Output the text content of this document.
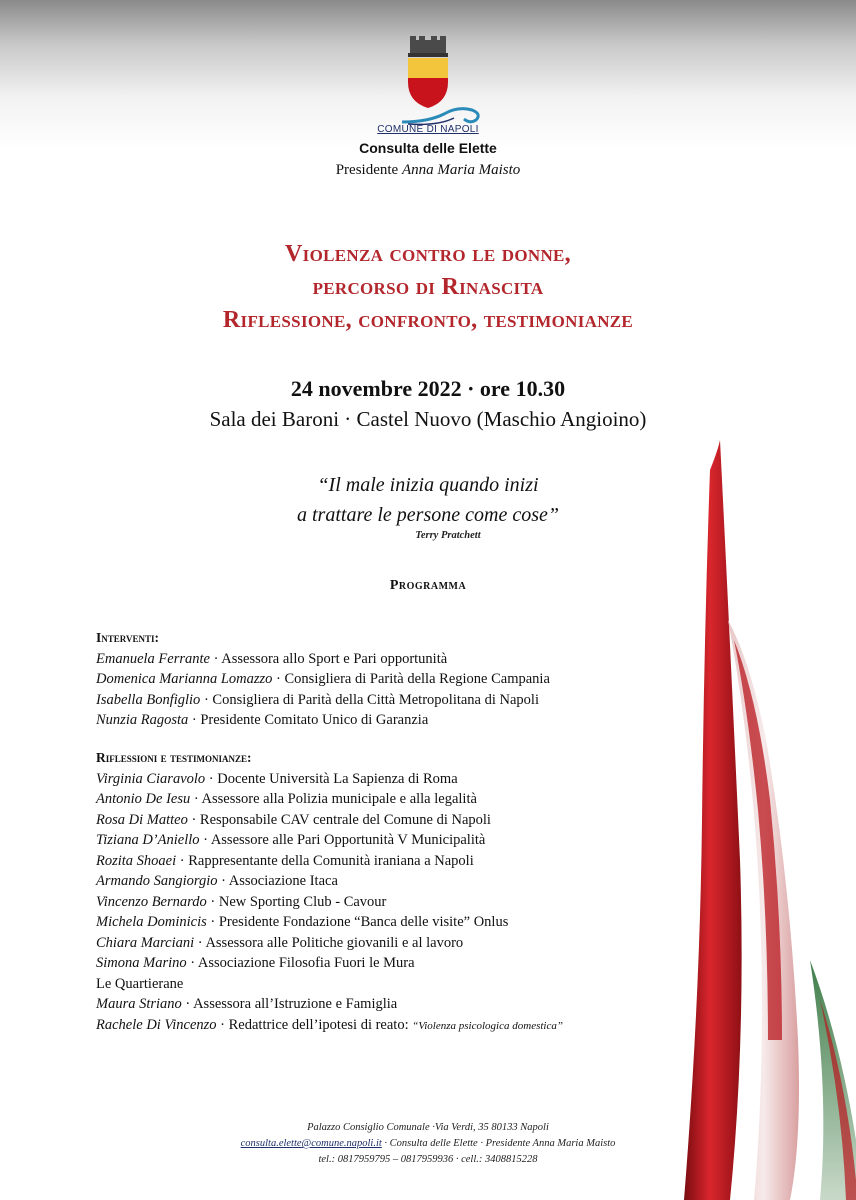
COMUNE DI NAPOLI
Consulta delle Elette
Presidente Anna Maria Maisto
Violenza contro le donne,
percorso di Rinascita
Riflessione, confronto, testimonianze
24 novembre 2022 · ore 10.30
Sala dei Baroni · Castel Nuovo (Maschio Angioino)
“Il male inizia quando inizi
a trattare le persone come cose”
Terry Pratchett
Programma
Interventi:
Emanuela Ferrante · Assessora allo Sport e Pari opportunità
Domenica Marianna Lomazzo · Consigliera di Parità della Regione Campania
Isabella Bonfiglio · Consigliera di Parità della Città Metropolitana di Napoli
Nunzia Ragosta · Presidente Comitato Unico di Garanzia
Riflessioni e testimonianze:
Virginia Ciaravolo · Docente Università La Sapienza di Roma
Antonio De Iesu · Assessore alla Polizia municipale e alla legalità
Rosa Di Matteo · Responsabile CAV centrale del Comune di Napoli
Tiziana D’Aniello · Assessore alle Pari Opportunità V Municipalità
Rozita Shoaei · Rappresentante della Comunità iraniana a Napoli
Armando Sangiorgio · Associazione Itaca
Vincenzo Bernardo · New Sporting Club - Cavour
Michela Dominicis · Presidente Fondazione “Banca delle visite” Onlus
Chiara Marciani · Assessora alle Politiche giovanili e al lavoro
Simona Marino · Associazione Filosofia Fuori le Mura
Le Quartierane
Maura Striano · Assessora all’Istruzione e Famiglia
Rachele Di Vincenzo · Redattrice dell’ipotesi di reato: “Violenza psicologica domestica”
Palazzo Consiglio Comunale ·Via Verdi, 35 80133 Napoli
consulta.elette@comune.napoli.it · Consulta delle Elette · Presidente Anna Maria Maisto
tel.: 0817959795 – 0817959936 · cell.: 3408815228
